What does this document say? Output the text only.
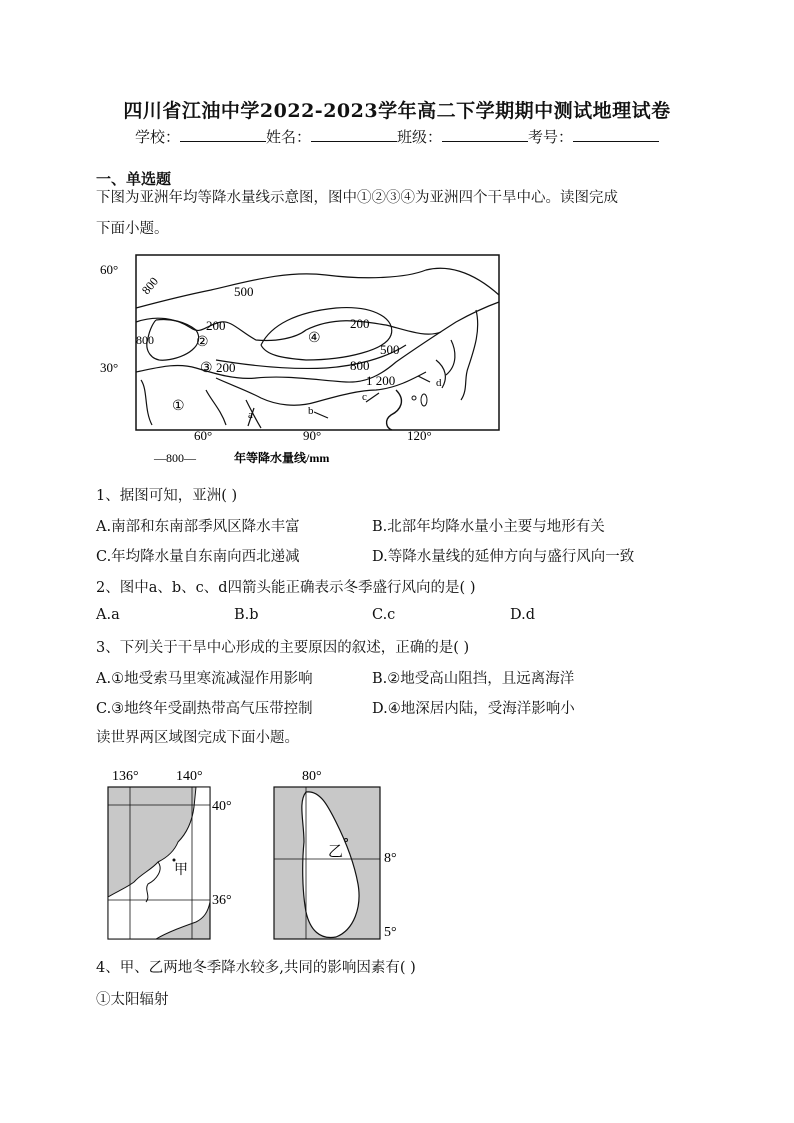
四川省江油中学2022-2023学年高二下学期期中测试地理试卷
学校：	姓名：	班级：	考号：
一、单选题
下图为亚洲年均等降水量线示意图，图中①②③④为亚洲四个干旱中心。读图完成
下面小题。
60°
30°
60°	90°	120°
800	500
200	200
200
500
800
1 200
800
①
②
③
④
a	b
c
d
—800—	年等降水量线/mm
1、据图可知，亚洲( )
A.南部和东南部季风区降水丰富	B.北部年均降水量小主要与地形有关
C.年均降水量自东南向西北递减	D.等降水量线的延伸方向与盛行风向一致
2、图中a、b、c、d四箭头能正确表示冬季盛行风向的是( )
A.a	B.b	C.c	D.d
3、下列关于干旱中心形成的主要原因的叙述，正确的是( )
A.①地受索马里寒流减湿作用影响	B.②地受高山阻挡，且远离海洋
C.③地终年受副热带高气压带控制	D.④地深居内陆，受海洋影响小
读世界两区域图完成下面小题。
136°	140°
40°
36°
甲
80°
8°
5°
乙
4、甲、乙两地冬季降水较多,共同的影响因素有( )
①太阳辐射
